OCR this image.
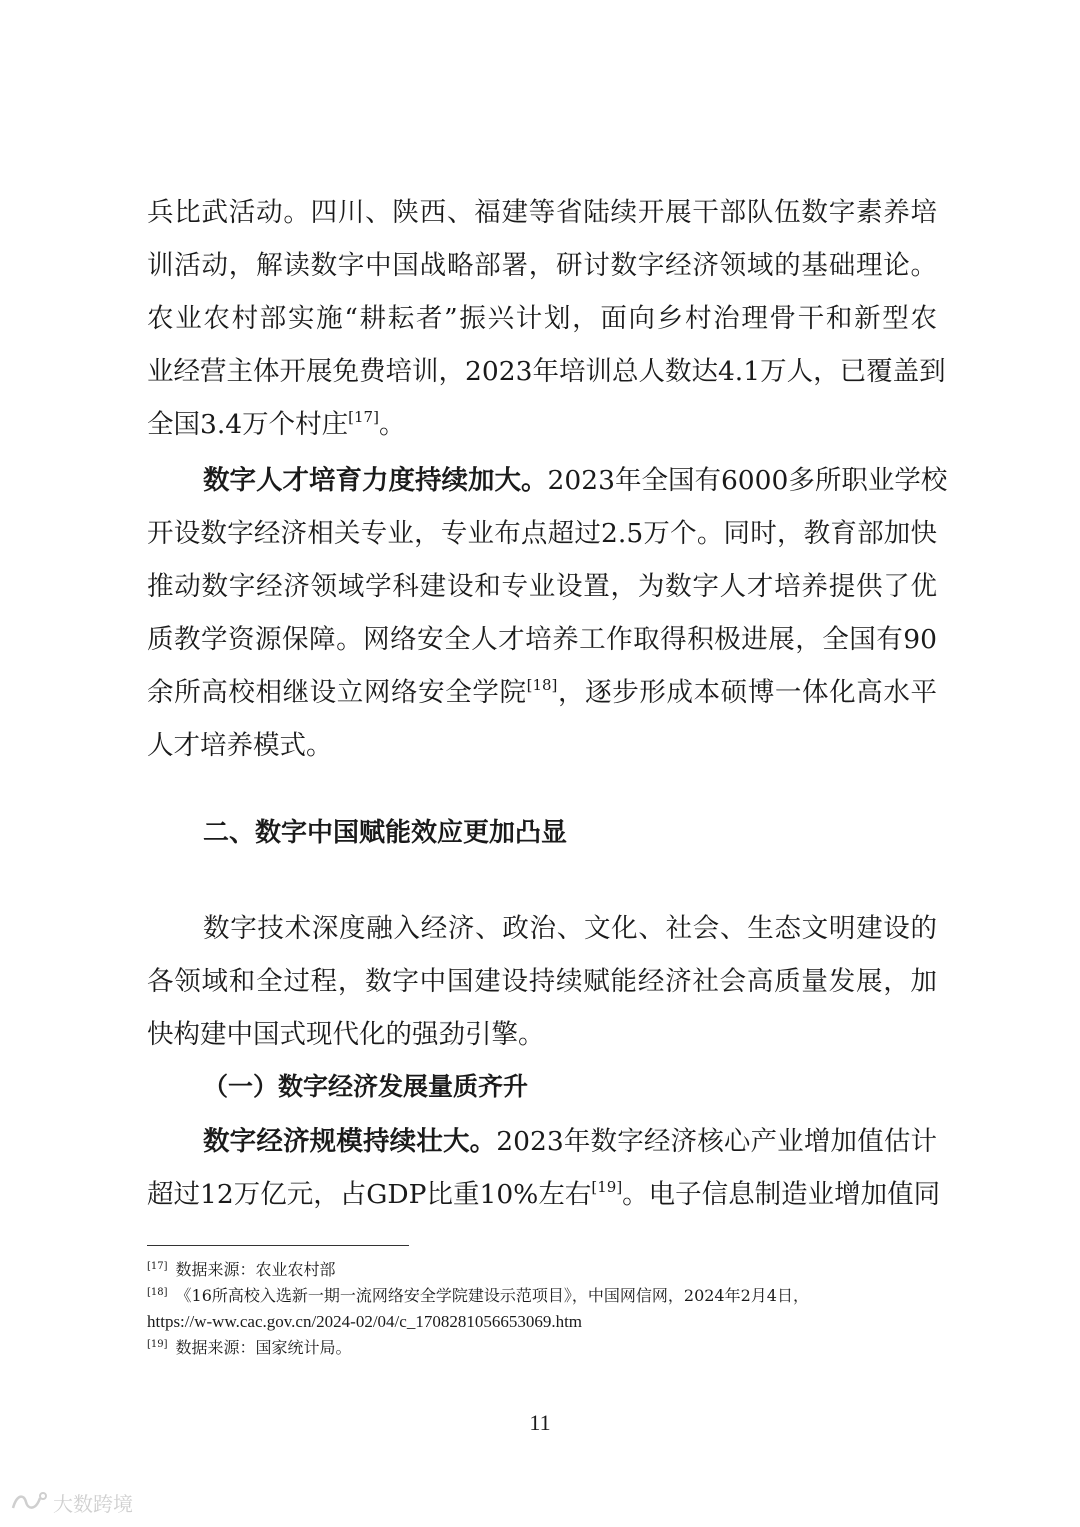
兵比武活动。四川、陕西、福建等省陆续开展干部队伍数字素养培
训活动，解读数字中国战略部署，研讨数字经济领域的基础理论。
农业农村部实施“耕耘者”振兴计划，面向乡村治理骨干和新型农
业经营主体开展免费培训，2023年培训总人数达4.1万人，已覆盖到
全国3.4万个村庄[17]。
数字人才培育力度持续加大。2023年全国有6000多所职业学校
开设数字经济相关专业，专业布点超过2.5万个。同时，教育部加快
推动数字经济领域学科建设和专业设置，为数字人才培养提供了优
质教学资源保障。网络安全人才培养工作取得积极进展，全国有90
余所高校相继设立网络安全学院[18]，逐步形成本硕博一体化高水平
人才培养模式。
二、数字中国赋能效应更加凸显
数字技术深度融入经济、政治、文化、社会、生态文明建设的
各领域和全过程，数字中国建设持续赋能经济社会高质量发展，加
快构建中国式现代化的强劲引擎。
（一）数字经济发展量质齐升
数字经济规模持续壮大。2023年数字经济核心产业增加值估计
超过12万亿元，占GDP比重10%左右[19]。电子信息制造业增加值同
[17] 数据来源：农业农村部
[18] 《16所高校入选新一期一流网络安全学院建设示范项目》，中国网信网，2024年2月4日，
https://w-ww.cac.gov.cn/2024-02/04/c_1708281056653069.htm
[19] 数据来源：国家统计局。
11
大数跨境
